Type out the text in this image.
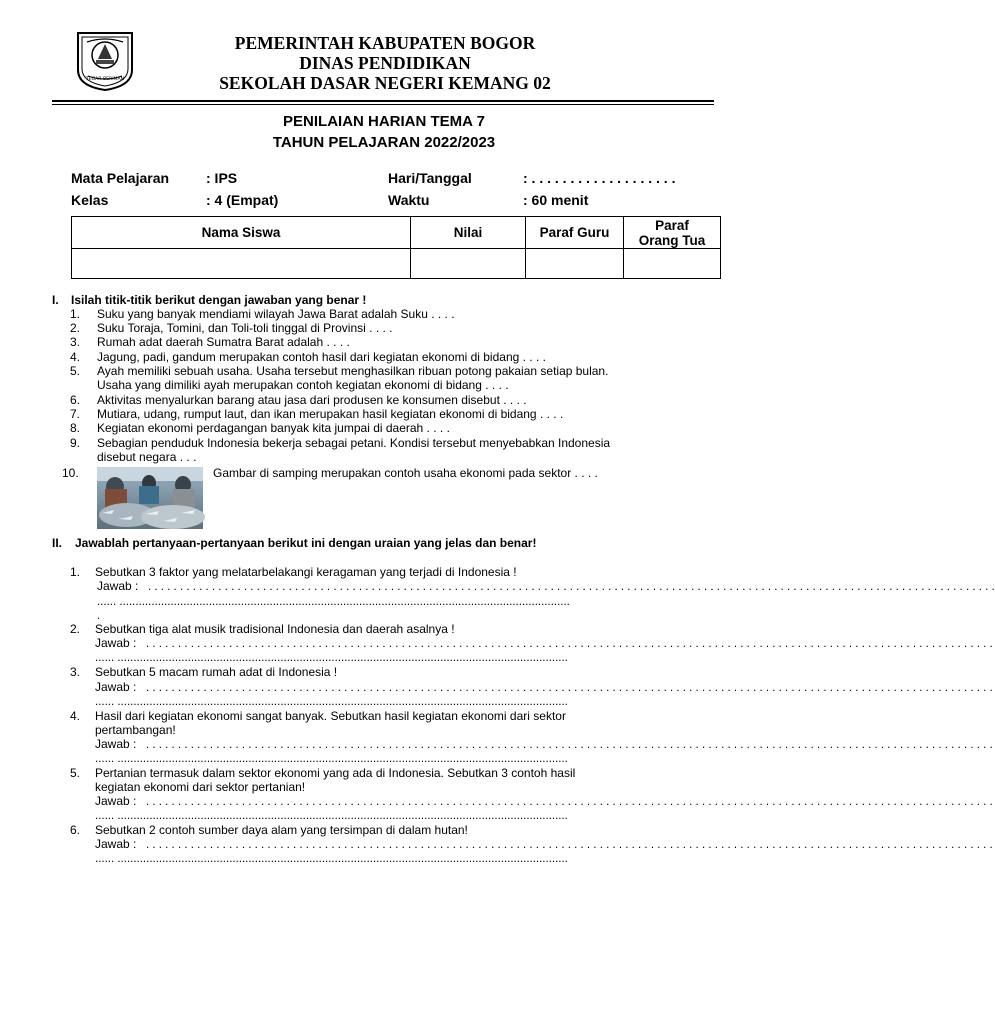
TEGAR BERIMAN
PEMERINTAH KABUPATEN BOGOR
DINAS PENDIDIKAN
SEKOLAH DASAR NEGERI KEMANG 02
PENILAIAN HARIAN TEMA 7
TAHUN PELAJARAN 2022/2023
Mata Pelajaran	: IPS	Hari/Tanggal	: . . . . . . . . . . . . . . . . . . .
Kelas	: 4 (Empat)	Waktu	: 60 menit
Nama Siswa	Nilai	Paraf Guru	Paraf
Orang Tua

I. Isilah titik-titik berikut dengan jawaban yang benar !
1. Suku yang banyak mendiami wilayah Jawa Barat adalah Suku . . . .
2. Suku Toraja, Tomini, dan Toli-toli tinggal di Provinsi . . . .
3. Rumah adat daerah Sumatra Barat adalah . . . .
4. Jagung, padi, gandum merupakan contoh hasil dari kegiatan ekonomi di bidang . . . .
5. Ayah memiliki sebuah usaha. Usaha tersebut menghasilkan ribuan potong pakaian setiap bulan.
Usaha yang dimiliki ayah merupakan contoh kegiatan ekonomi di bidang . . . .
6. Aktivitas menyalurkan barang atau jasa dari produsen ke konsumen disebut . . . .
7. Mutiara, udang, rumput laut, dan ikan merupakan hasil kegiatan ekonomi di bidang . . . .
8. Kegiatan ekonomi perdagangan banyak kita jumpai di daerah . . . .
9. Sebagian penduduk Indonesia bekerja sebagai petani. Kondisi tersebut menyebabkan Indonesia
disebut negara . . .
10.	Gambar di samping merupakan contoh usaha ekonomi pada sektor . . . .
II. Jawablah pertanyaan-pertanyaan berikut ini dengan uraian yang jelas dan benar!
1. Sebutkan 3 faktor yang melatarbelakangi keragaman yang terjadi di Indonesia !
Jawab : . . . . . . . . . . . . . . . . . . . . . . . . . . . . . . . . . . . . . . . . . . . . . . . . . . . . . . . . . . . . . . . . . . . . . . . . . . . . . . . . . . . . . . . . . . . . . . . . . . . . . . . . . . . . . . . . . . . . . . . . . . . . . . . . . . . . .
...... .............................................................................................................................................
.
2. Sebutkan tiga alat musik tradisional Indonesia dan daerah asalnya !
Jawab : . . . . . . . . . . . . . . . . . . . . . . . . . . . . . . . . . . . . . . . . . . . . . . . . . . . . . . . . . . . . . . . . . . . . . . . . . . . . . . . . . . . . . . . . . . . . . . . . . . . . . . . . . . . . . . . . . . . . . . . . . . . . . . . . . . . . .
...... .............................................................................................................................................
3. Sebutkan 5 macam rumah adat di Indonesia !
Jawab : . . . . . . . . . . . . . . . . . . . . . . . . . . . . . . . . . . . . . . . . . . . . . . . . . . . . . . . . . . . . . . . . . . . . . . . . . . . . . . . . . . . . . . . . . . . . . . . . . . . . . . . . . . . . . . . . . . . . . . . . . . . . . . . . . . . . .
...... .............................................................................................................................................
4. Hasil dari kegiatan ekonomi sangat banyak. Sebutkan hasil kegiatan ekonomi dari sektor
pertambangan!
Jawab : . . . . . . . . . . . . . . . . . . . . . . . . . . . . . . . . . . . . . . . . . . . . . . . . . . . . . . . . . . . . . . . . . . . . . . . . . . . . . . . . . . . . . . . . . . . . . . . . . . . . . . . . . . . . . . . . . . . . . . . . . . . . . . . . . . . . .
...... .............................................................................................................................................
5. Pertanian termasuk dalam sektor ekonomi yang ada di Indonesia. Sebutkan 3 contoh hasil
kegiatan ekonomi dari sektor pertanian!
Jawab : . . . . . . . . . . . . . . . . . . . . . . . . . . . . . . . . . . . . . . . . . . . . . . . . . . . . . . . . . . . . . . . . . . . . . . . . . . . . . . . . . . . . . . . . . . . . . . . . . . . . . . . . . . . . . . . . . . . . . . . . . . . . . . . . . . . . .
...... .............................................................................................................................................
6. Sebutkan 2 contoh sumber daya alam yang tersimpan di dalam hutan!
Jawab : . . . . . . . . . . . . . . . . . . . . . . . . . . . . . . . . . . . . . . . . . . . . . . . . . . . . . . . . . . . . . . . . . . . . . . . . . . . . . . . . . . . . . . . . . . . . . . . . . . . . . . . . . . . . . . . . . . . . . . . . . . . . . . . . . . . . .
...... .............................................................................................................................................
